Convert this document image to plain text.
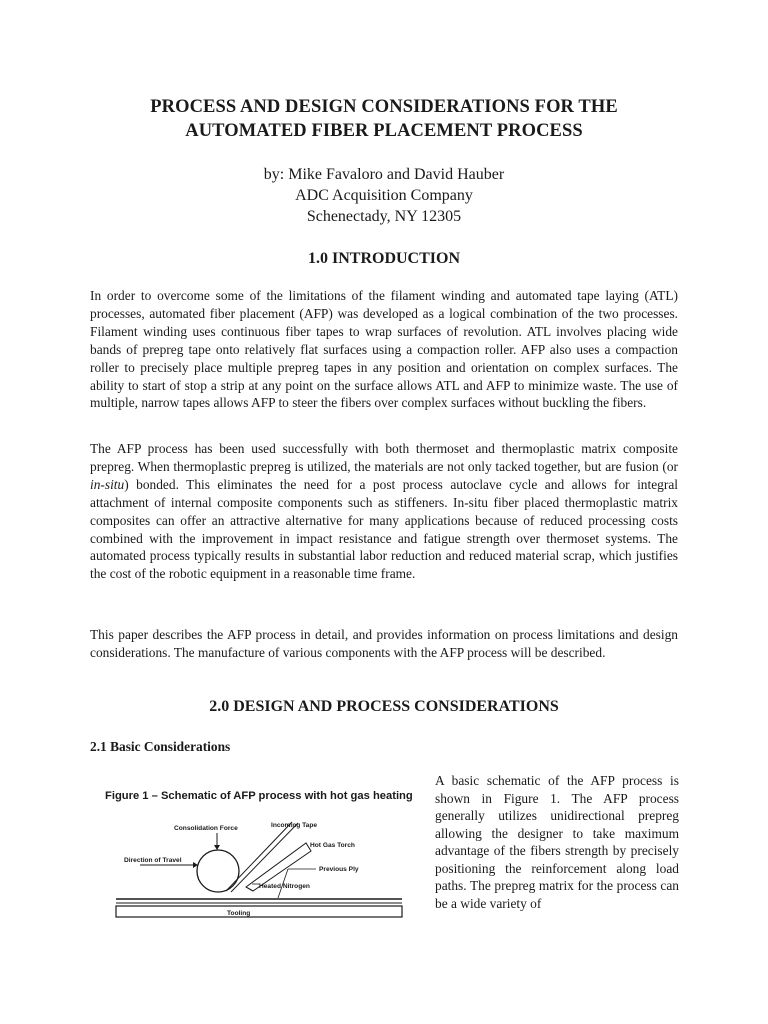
PROCESS AND DESIGN CONSIDERATIONS FOR THE
AUTOMATED FIBER PLACEMENT PROCESS
by: Mike Favaloro and David Hauber
ADC Acquisition Company
Schenectady, NY 12305
1.0 INTRODUCTION

In order to overcome some of the limitations of the filament winding and automated tape laying (ATL) processes, automated fiber placement (AFP) was developed as a logical combination of the two processes. Filament winding uses continuous fiber tapes to wrap surfaces of revolution. ATL involves placing wide bands of prepreg tape onto relatively flat surfaces using a compaction roller. AFP also uses a compaction roller to precisely place multiple prepreg tapes in any position and orientation on complex surfaces. The ability to start of stop a strip at any point on the surface allows ATL and AFP to minimize waste. The use of multiple, narrow tapes allows AFP to steer the fibers over complex surfaces without buckling the fibers.

The AFP process has been used successfully with both thermoset and thermoplastic matrix composite prepreg. When thermoplastic prepreg is utilized, the materials are not only tacked together, but are fusion (or in-situ) bonded. This eliminates the need for a post process autoclave cycle and allows for integral attachment of internal composite components such as stiffeners. In-situ fiber placed thermoplastic matrix composites can offer an attractive alternative for many applications because of reduced processing costs combined with the improvement in impact resistance and fatigue strength over thermoset systems. The automated process typically results in substantial labor reduction and reduced material scrap, which justifies the cost of the robotic equipment in a reasonable time frame.

This paper describes the AFP process in detail, and provides information on process limitations and design considerations. The manufacture of various components with the AFP process will be described.

2.0 DESIGN AND PROCESS CONSIDERATIONS
2.1 Basic Considerations

A basic schematic of the AFP process is shown in Figure 1. The AFP process generally utilizes unidirectional prepreg allowing the designer to take maximum advantage of the fibers strength by precisely positioning the reinforcement along load paths. The prepreg matrix for the process can be a wide variety of

Consolidation Force	Incoming Tape
Hot Gas Torch
Direction of Travel
Previous Ply
Heated Nitrogen
Tooling
Figure 1 – Schematic of AFP process with hot gas heating
